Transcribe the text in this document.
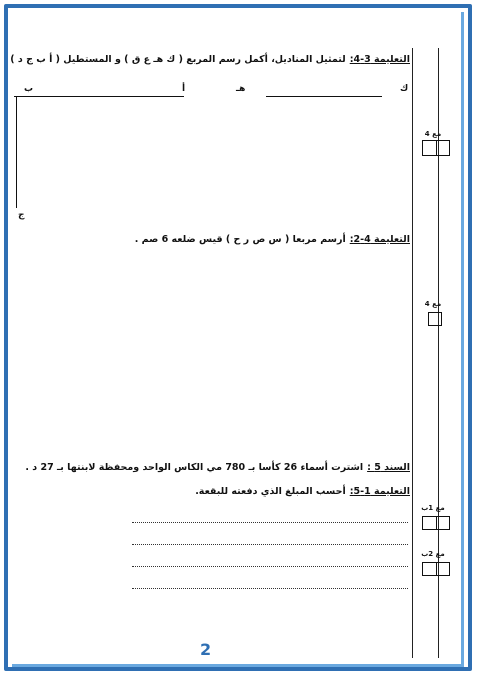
التعليمة 3-4:لتمثيل المناديل، أكمل رسم المربع ( ك هـ ع ق ) و المستطيل ( أ ب ج د )
ك
هـ
أ
ب
ج
مع 4
التعليمة 4-2:أرسم مربعا ( س ص ر ح ) قيس ضلعه 6 صم .
مع 4
السند 5 :اشترت أسماء 26 كأسا بـ 780 مي الكاس الواحد ومحفظة لابنتها بـ 27 د .
التعليمة 1-5:أحسب المبلغ الذي دفعته للبقعة.
مع 1ب
مع 2ب
2
